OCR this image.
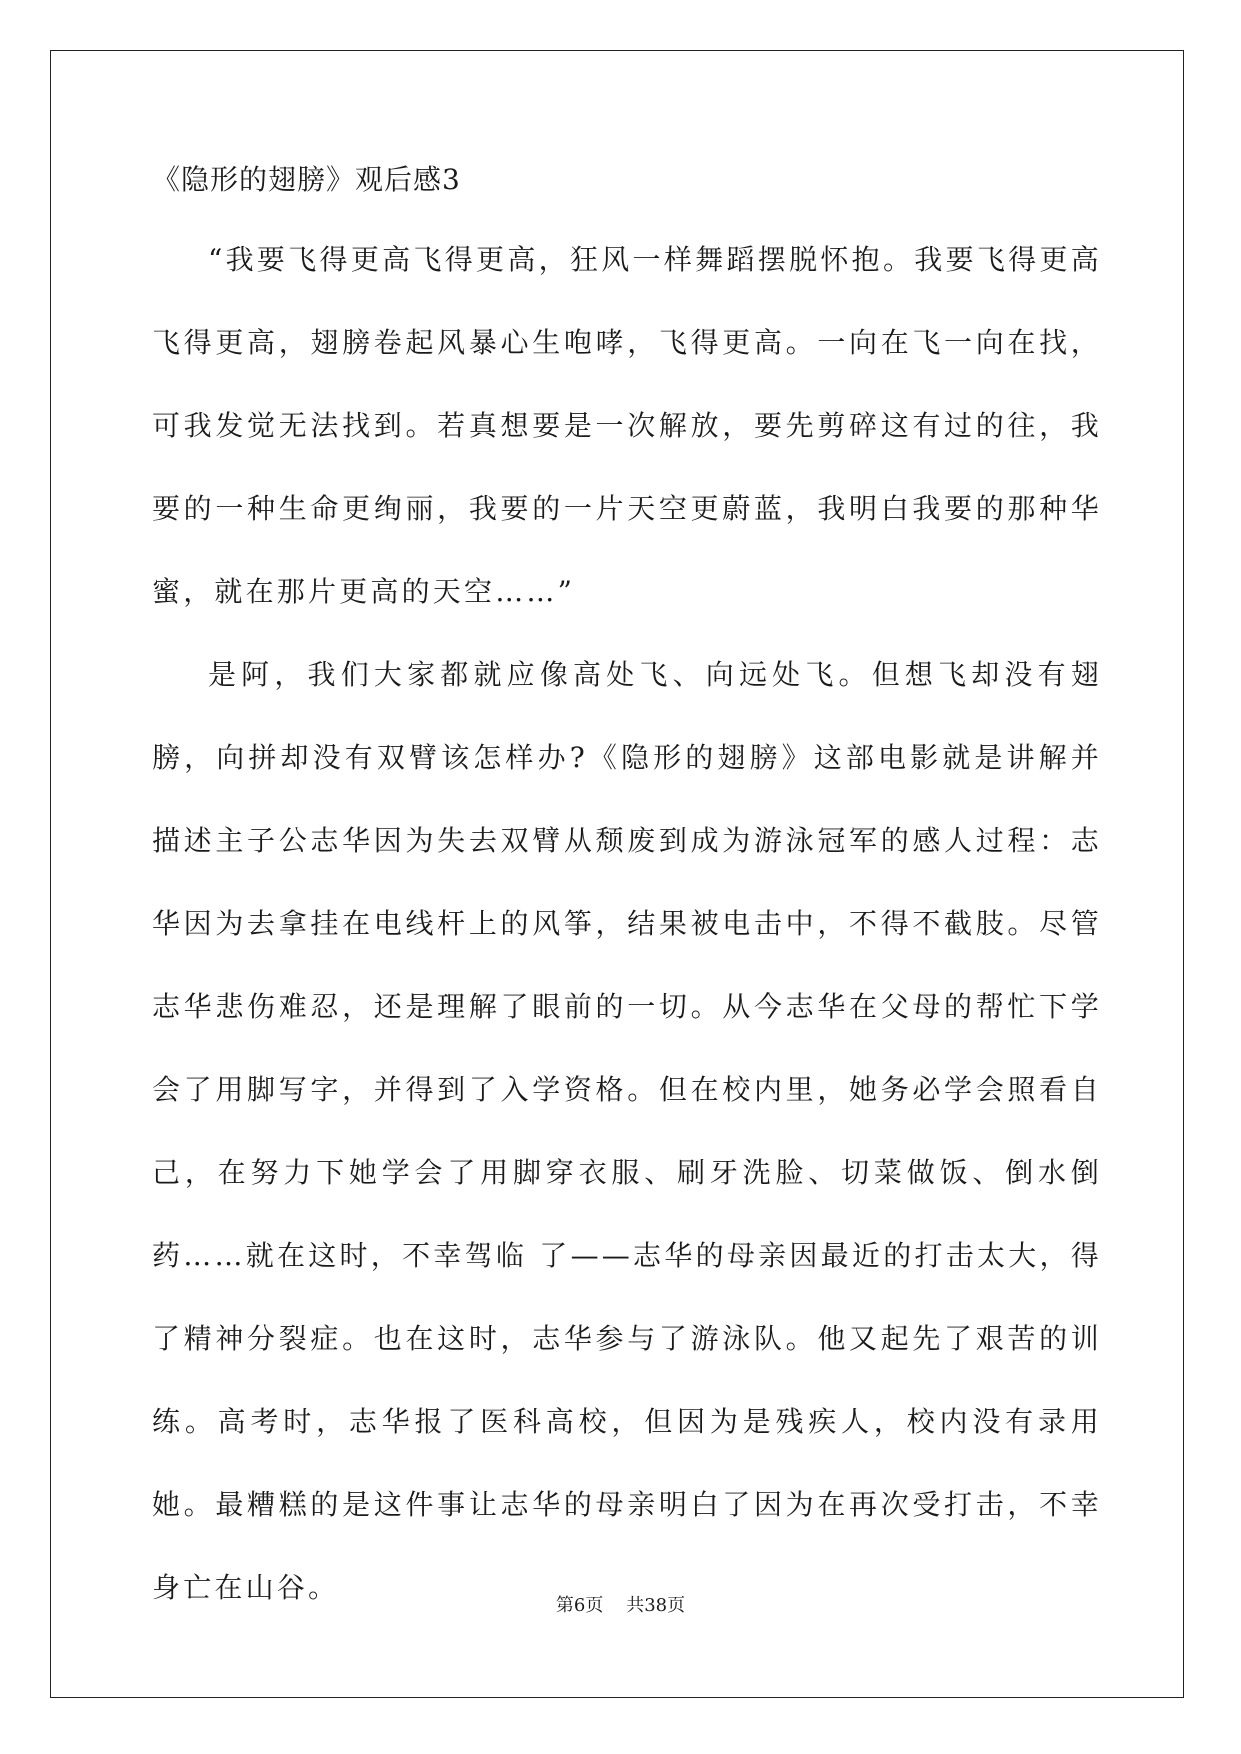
《隐形的翅膀》观后感3

“我要飞得更高飞得更高，狂风一样舞蹈摆脱怀抱。我要飞得更高飞得更高，翅膀卷起风暴心生咆哮，飞得更高。一向在飞一向在找，可我发觉无法找到。若真想要是一次解放，要先剪碎这有过的往，我要的一种生命更绚丽，我要的一片天空更蔚蓝，我明白我要的那种华蜜，就在那片更高的天空……”

是阿，我们大家都就应像高处飞、向远处飞。但想飞却没有翅膀，向拼却没有双臂该怎样办?《隐形的翅膀》这部电影就是讲解并描述主子公志华因为失去双臂从颓废到成为游泳冠军的感人过程：志华因为去拿挂在电线杆上的风筝，结果被电击中，不得不截肢。尽管志华悲伤难忍，还是理解了眼前的一切。从今志华在父母的帮忙下学会了用脚写字，并得到了入学资格。但在校内里，她务必学会照看自己，在努力下她学会了用脚穿衣服、刷牙洗脸、切菜做饭、倒水倒药……就在这时，不幸驾临 了——志华的母亲因最近的打击太大，得了精神分裂症。也在这时，志华参与了游泳队。他又起先了艰苦的训练。高考时，志华报了医科高校，但因为是残疾人，校内没有录用她。最糟糕的是这件事让志华的母亲明白了因为在再次受打击，不幸身亡在山谷。

第6页 共38页
